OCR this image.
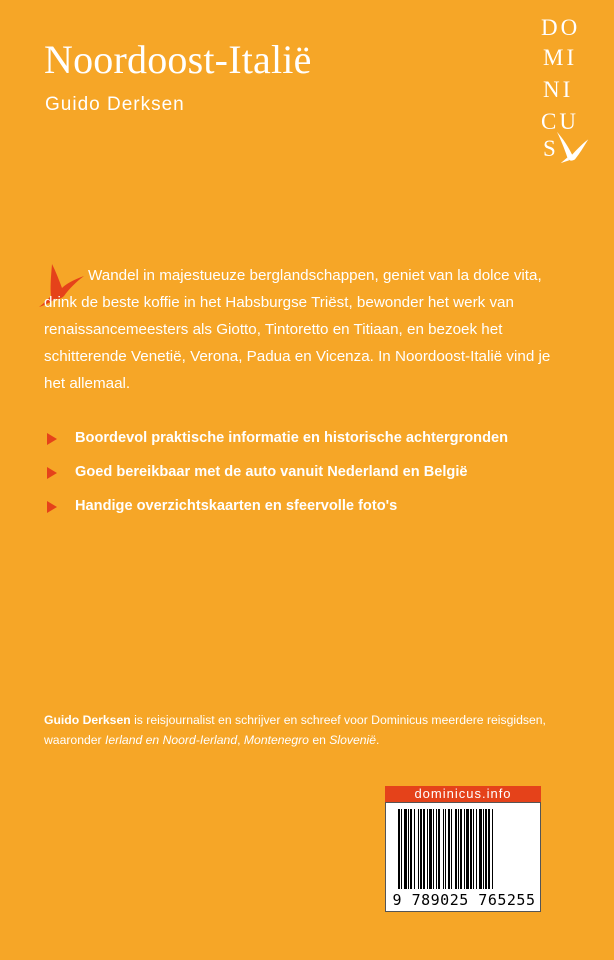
Noordoost-Italië
Guido Derksen
DO
MI
NI
CU
S

Wandel in majestueuze berglandschappen, geniet van la dolce vita, drink de beste koffie in het Habsburgse Triëst, bewonder het werk van renaissancemeesters als Giotto, Tintoretto en Titiaan, en bezoek het schitterende Venetië, Verona, Padua en Vicenza. In Noordoost-Italië vind je het allemaal.

Boordevol praktische informatie en historische achtergronden
Goed bereikbaar met de auto vanuit Nederland en België
Handige overzichtskaarten en sfeervolle foto's

Guido Derksen is reisjournalist en schrijver en schreef voor Dominicus meerdere reisgidsen, waaronder Ierland en Noord-Ierland, Montenegro en Slovenië.

dominicus.info
9 789025 765255
